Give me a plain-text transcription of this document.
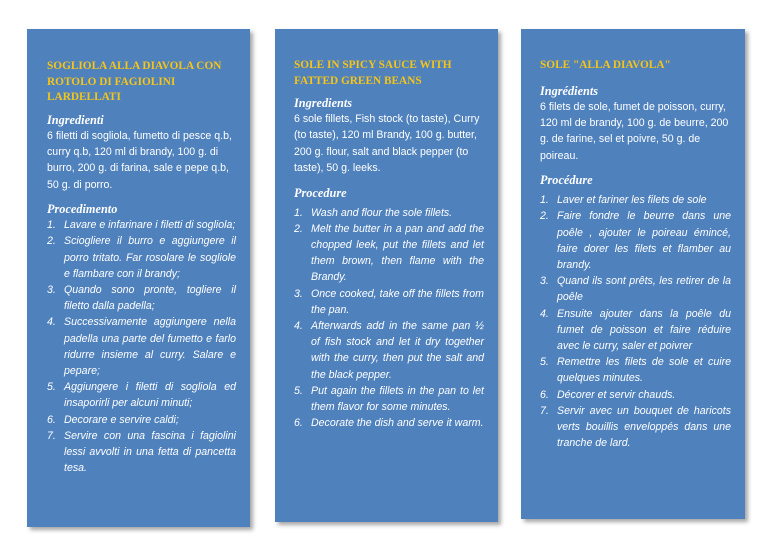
SOGLIOLA ALLA DIAVOLA CON ROTOLO DI FAGIOLINI LARDELLATI
Ingredienti
6 filetti di sogliola, fumetto di pesce q.b, curry q.b, 120 ml di brandy, 100 g. di burro, 200 g. di farina, sale e pepe q.b, 50 g. di porro.
Procedimento
1. Lavare e infarinare i filetti di sogliola;
2. Sciogliere il burro e aggiungere il porro tritato. Far rosolare le sogliole e flambare con il brandy;
3. Quando sono pronte, togliere il filetto dalla padella;
4. Successivamente aggiungere nella padella una parte del fumetto e farlo ridurre insieme al curry. Salare e pepare;
5. Aggiungere i filetti di sogliola ed insaporirli per alcuni minuti;
6. Decorare e servire caldi;
7. Servire con una fascina i fagiolini lessi avvolti in una fetta di pancetta tesa.
SOLE IN SPICY SAUCE WITH FATTED GREEN BEANS
Ingredients
6 sole fillets, Fish stock (to taste), Curry (to taste), 120 ml Brandy, 100 g. butter, 200 g. flour, salt and black pepper (to taste), 50 g. leeks.
Procedure
1. Wash and flour the sole fillets.
2. Melt the butter in a pan and add the chopped leek, put the fillets and let them brown, then flame with the Brandy.
3. Once cooked, take off the fillets from the pan.
4. Afterwards add in the same pan ½ of fish stock and let it dry together with the curry, then put the salt and the black pepper.
5. Put again the fillets in the pan to let them flavor for some minutes.
6. Decorate the dish and serve it warm.
SOLE "ALLA DIAVOLA"
Ingrédients
6 filets de sole, fumet de poisson, curry, 120 ml de brandy, 100 g. de beurre, 200 g. de farine, sel et poivre, 50 g. de poireau.
Procédure
1. Laver et fariner les filets de sole
2. Faire fondre le beurre dans une poêle , ajouter le poireau émincé, faire dorer les filets et flamber au brandy.
3. Quand ils sont prêts, les retirer de la poêle
4. Ensuite ajouter dans la poêle du fumet de poisson et faire réduire avec le curry, saler et poivrer
5. Remettre les filets de sole et cuire quelques minutes.
6. Décorer et servir chauds.
7. Servir avec un bouquet de haricots verts bouillis enveloppés dans une tranche de lard.
